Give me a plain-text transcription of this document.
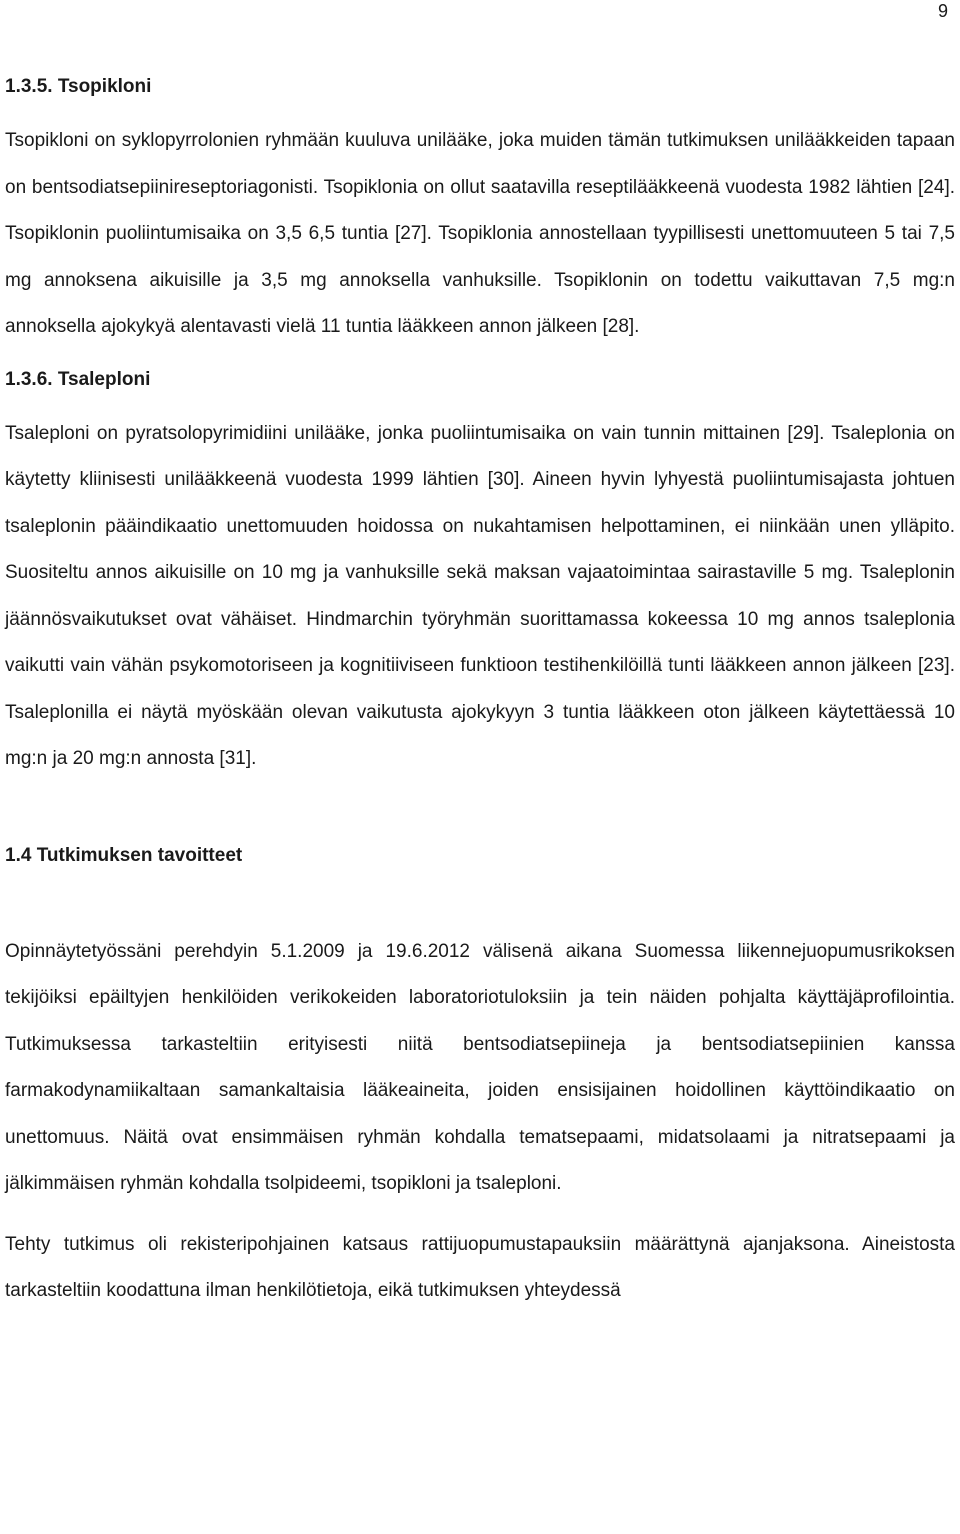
9
1.3.5. Tsopikloni

Tsopikloni on syklopyrrolonien ryhmään kuuluva unilääke, joka muiden tämän tutkimuksen unilääkkeiden tapaan on bentsodiatsepiinireseptoriagonisti. Tsopiklonia on ollut saatavilla reseptilääkkeenä vuodesta 1982 lähtien [24]. Tsopiklonin puoliintumisaika on 3,5 6,5 tuntia [27]. Tsopiklonia annostellaan tyypillisesti unettomuuteen 5 tai 7,5 mg annoksena aikuisille ja 3,5 mg annoksella vanhuksille. Tsopiklonin on todettu vaikuttavan 7,5 mg:n annoksella ajokykyä alentavasti vielä 11 tuntia lääkkeen annon jälkeen [28].

1.3.6. Tsaleploni

Tsaleploni on pyratsolopyrimidiini unilääke, jonka puoliintumisaika on vain tunnin mittainen [29]. Tsaleplonia on käytetty kliinisesti unilääkkeenä vuodesta 1999 lähtien [30]. Aineen hyvin lyhyestä puoliintumisajasta johtuen tsaleplonin pääindikaatio unettomuuden hoidossa on nukahtamisen helpottaminen, ei niinkään unen ylläpito. Suositeltu annos aikuisille on 10 mg ja vanhuksille sekä maksan vajaatoimintaa sairastaville 5 mg. Tsaleplonin jäännösvaikutukset ovat vähäiset. Hindmarchin työryhmän suorittamassa kokeessa 10 mg annos tsaleplonia vaikutti vain vähän psykomotoriseen ja kognitiiviseen funktioon testihenkilöillä tunti lääkkeen annon jälkeen [23]. Tsaleplonilla ei näytä myöskään olevan vaikutusta ajokykyyn 3 tuntia lääkkeen oton jälkeen käytettäessä 10 mg:n ja 20 mg:n annosta [31].

1.4 Tutkimuksen tavoitteet

Opinnäytetyössäni perehdyin 5.1.2009 ja 19.6.2012 välisenä aikana Suomessa liikennejuopumusrikoksen tekijöiksi epäiltyjen henkilöiden verikokeiden laboratoriotuloksiin ja tein näiden pohjalta käyttäjäprofilointia. Tutkimuksessa tarkasteltiin erityisesti niitä bentsodiatsepiineja ja bentsodiatsepiinien kanssa farmakodynamiikaltaan samankaltaisia lääkeaineita, joiden ensisijainen hoidollinen käyttöindikaatio on unettomuus. Näitä ovat ensimmäisen ryhmän kohdalla tematsepaami, midatsolaami ja nitratsepaami ja jälkimmäisen ryhmän kohdalla tsolpideemi, tsopikloni ja tsaleploni.

Tehty tutkimus oli rekisteripohjainen katsaus rattijuopumustapauksiin määrättynä ajanjaksona. Aineistosta tarkasteltiin koodattuna ilman henkilötietoja, eikä tutkimuksen yhteydessä
